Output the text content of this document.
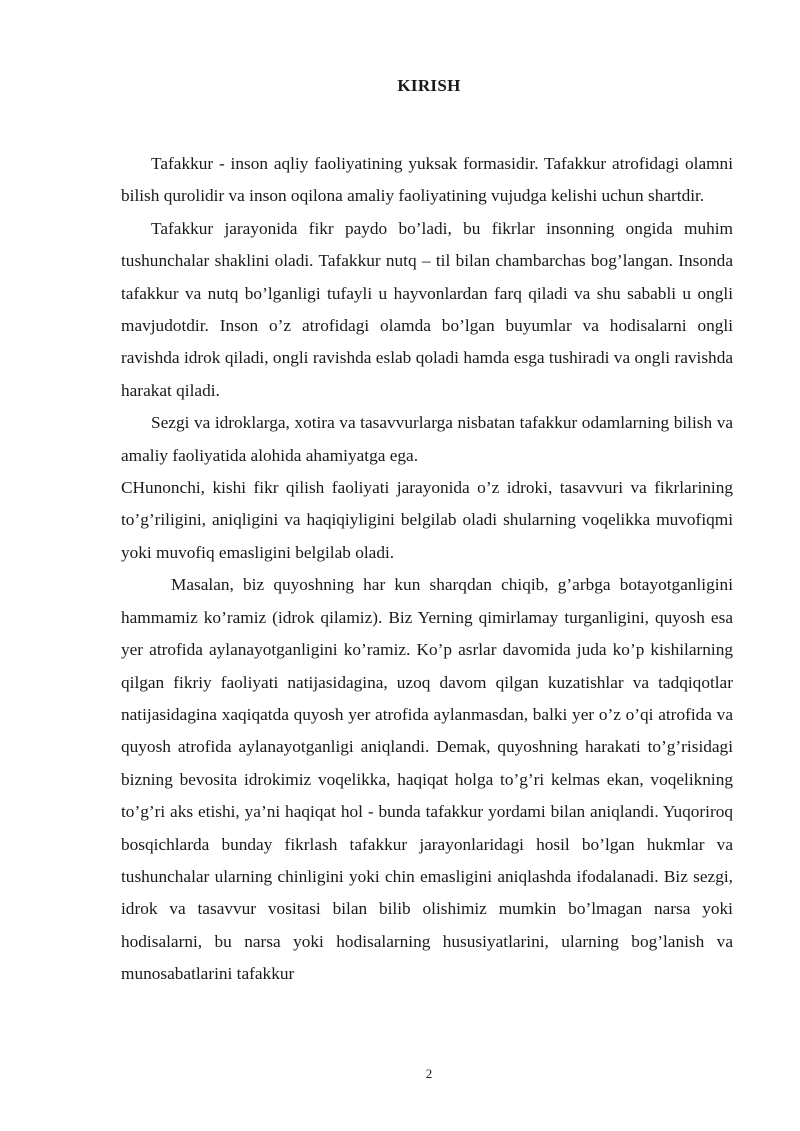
KIRISH

Tafakkur - inson aqliy faoliyatining yuksak formasidir. Tafakkur atrofidagi olamni bilish qurolidir va inson oqilona amaliy faoliyatining vujudga kelishi uchun shartdir.

Tafakkur jarayonida fikr paydo bo’ladi, bu fikrlar insonning ongida muhim tushunchalar shaklini oladi. Tafakkur nutq – til bilan chambarchas bog’langan. Insonda tafakkur va nutq bo’lganligi tufayli u hayvonlardan farq qiladi va shu sababli u ongli mavjudotdir. Inson o’z atrofidagi olamda bo’lgan buyumlar va hodisalarni ongli ravishda idrok qiladi, ongli ravishda eslab qoladi hamda esga tushiradi va ongli ravishda harakat qiladi.

Sezgi va idroklarga, xotira va tasavvurlarga nisbatan tafakkur odamlarning bilish va amaliy faoliyatida alohida ahamiyatga ega.

CHunonchi, kishi fikr qilish faoliyati jarayonida o’z idroki, tasavvuri va fikrlarining to’g’riligini, aniqligini va haqiqiyligini belgilab oladi shularning voqelikka muvofiqmi yoki muvofiq emasligini belgilab oladi.

Masalan, biz quyoshning har kun sharqdan chiqib, g’arbga botayotganligini hammamiz ko’ramiz (idrok qilamiz). Biz Yerning qimirlamay turganligini, quyosh esa yer atrofida aylanayotganligini ko’ramiz. Ko’p asrlar davomida juda ko’p kishilarning qilgan fikriy faoliyati natijasidagina, uzoq davom qilgan kuzatishlar va tadqiqotlar natijasidagina xaqiqatda quyosh yer atrofida aylanmasdan, balki yer o’z o’qi atrofida va quyosh atrofida aylanayotganligi aniqlandi. Demak, quyoshning harakati to’g’risidagi bizning bevosita idrokimiz voqelikka, haqiqat holga to’g’ri kelmas ekan, voqelikning to’g’ri aks etishi, ya’ni haqiqat hol - bunda tafakkur yordami bilan aniqlandi. Yuqoriroq bosqichlarda bunday fikrlash tafakkur jarayonlaridagi hosil bo’lgan hukmlar va tushunchalar ularning chinligini yoki chin emasligini aniqlashda ifodalanadi. Biz sezgi, idrok va tasavvur vositasi bilan bilib olishimiz mumkin bo’lmagan narsa yoki hodisalarni, bu narsa yoki hodisalarning hususiyatlarini, ularning bog’lanish va munosabatlarini tafakkur

2
